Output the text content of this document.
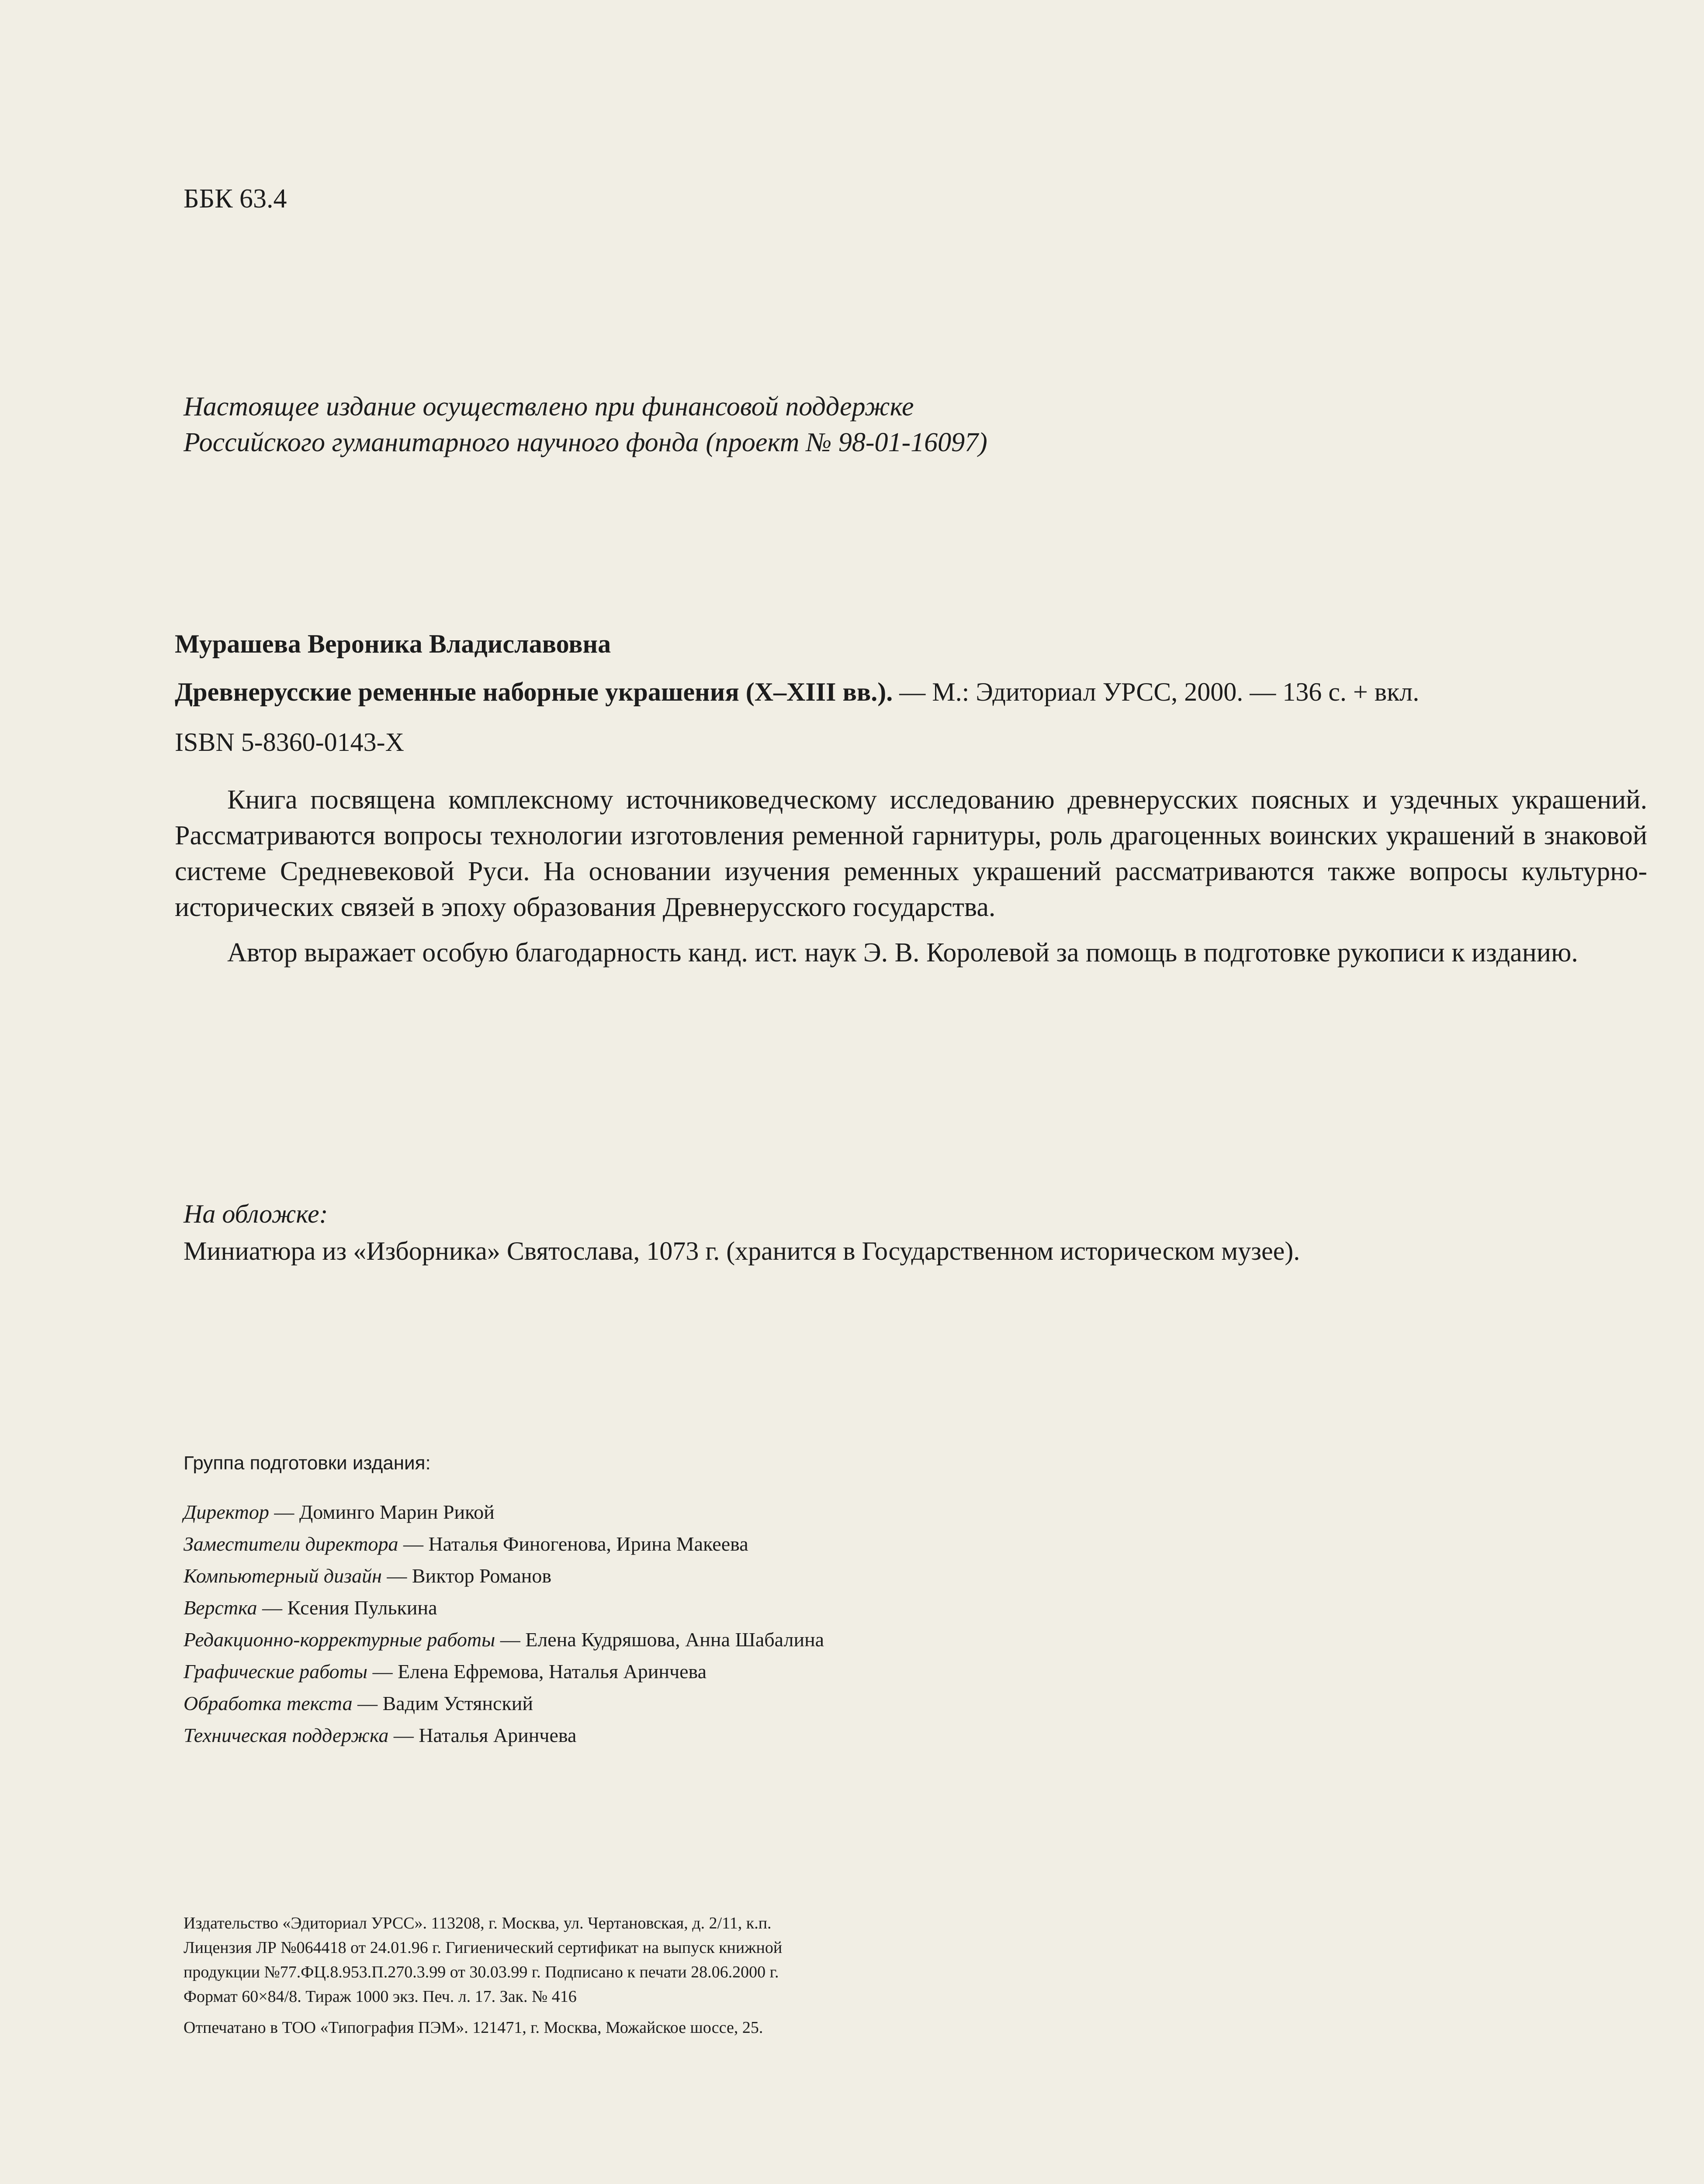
ББК 63.4
Настоящее издание осуществлено при финансовой поддержке
Российского гуманитарного научного фонда (проект № 98-01-16097)
Мурашева Вероника Владиславовна
Древнерусские ременные наборные украшения (X–XIII вв.). — М.: Эдиториал УРСС, 2000. — 136 с. + вкл.
ISBN 5-8360-0143-X

Книга посвящена комплексному источниковедческому исследованию древнерусских поясных и уздечных украшений. Рассматриваются вопросы технологии изготовления ременной гарнитуры, роль драгоценных воинских украшений в знаковой системе Средневековой Руси. На основании изучения ременных украшений рассматриваются также вопросы культурно-исторических связей в эпоху образования Древнерусского государства.

Автор выражает особую благодарность канд. ист. наук Э. В. Королевой за помощь в подготовке рукописи к изданию.

На обложке:
Миниатюра из «Изборника» Святослава, 1073 г. (хранится в Государственном историческом музее).
Группа подготовки издания:
Директор — Доминго Марин Рикой
Заместители директора — Наталья Финогенова, Ирина Макеева
Компьютерный дизайн — Виктор Романов
Верстка — Ксения Пулькина
Редакционно-корректурные работы — Елена Кудряшова, Анна Шабалина
Графические работы — Елена Ефремова, Наталья Аринчева
Обработка текста — Вадим Устянский
Техническая поддержка — Наталья Аринчева
Издательство «Эдиториал УРСС». 113208, г. Москва, ул. Чертановская, д. 2/11, к.п.
Лицензия ЛР №064418 от 24.01.96 г. Гигиенический сертификат на выпуск книжной
продукции №77.ФЦ.8.953.П.270.3.99 от 30.03.99 г. Подписано к печати 28.06.2000 г.
Формат 60×84/8. Тираж 1000 экз. Печ. л. 17. Зак. № 416
Отпечатано в ТОО «Типография ПЭМ». 121471, г. Москва, Можайское шоссе, 25.
